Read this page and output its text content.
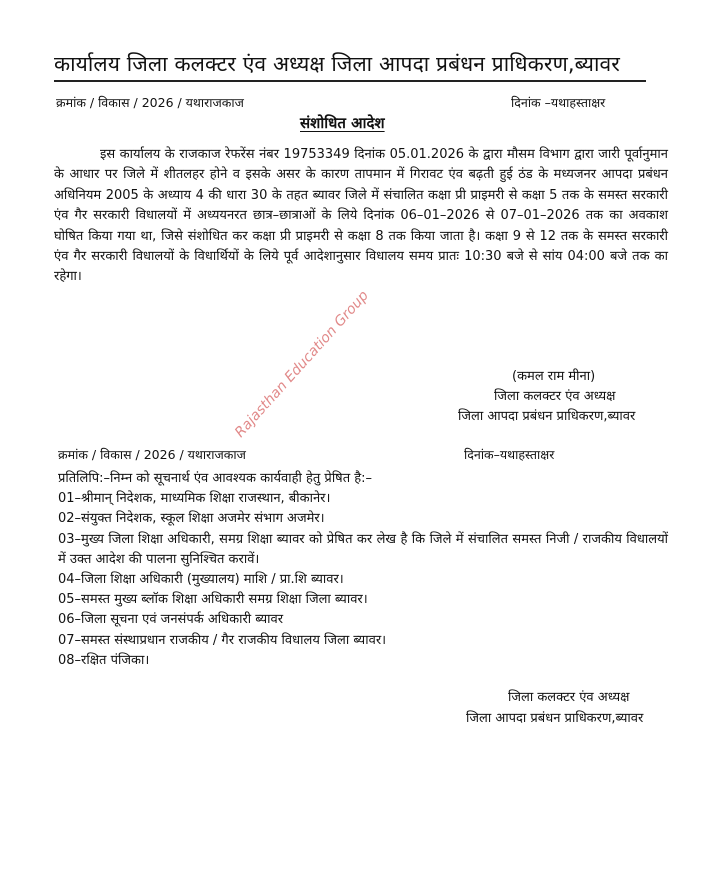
कार्यालय जिला कलक्टर एंव अध्यक्ष जिला आपदा प्रबंधन प्राधिकरण,ब्यावर
क्रमांक / विकास / 2026 / यथाराजकाज	दिनांक –यथाहस्ताक्षर
संशोधित आदेश
इस कार्यालय के राजकाज रेफरेंस नंबर 19753349 दिनांक 05.01.2026 के द्वारा मौसम विभाग द्वारा जारी पूर्वानुमान के आधार पर जिले में शीतलहर होने व इसके असर के कारण तापमान में गिरावट एंव बढ़ती हुई ठंड के मध्यजनर आपदा प्रबंधन अधिनियम 2005 के अध्याय 4 की धारा 30 के तहत ब्यावर जिले में संचालित कक्षा प्री प्राइमरी से कक्षा 5 तक के समस्त सरकारी एंव गैर सरकारी विधालयों में अध्ययनरत छात्र–छात्राओं के लिये दिनांक 06–01–2026 से 07–01–2026 तक का अवकाश घोषित किया गया था, जिसे संशोधित कर कक्षा प्री प्राइमरी से कक्षा 8 तक किया जाता है। कक्षा 9 से 12 तक के समस्त सरकारी एंव गैर सरकारी विधालयों के विधार्थियों के लिये पूर्व आदेशानुसार विधालय समय प्रातः 10:30 बजे से सांय 04:00 बजे तक का रहेगा।
(कमल राम मीना)
जिला कलक्टर एंव अध्यक्ष
जिला आपदा प्रबंधन प्राधिकरण,ब्यावर
क्रमांक / विकास / 2026 / यथाराजकाज	दिनांक–यथाहस्ताक्षर
प्रतिलिपि:–निम्न को सूचनार्थ एंव आवश्यक कार्यवाही हेतु प्रेषित है:–
01–श्रीमान् निदेशक, माध्यमिक शिक्षा राजस्थान, बीकानेर।
02–संयुक्त निदेशक, स्कूल शिक्षा अजमेर संभाग अजमेर।
03–मुख्य जिला शिक्षा अधिकारी, समग्र शिक्षा ब्यावर को प्रेषित कर लेख है कि जिले में संचालित समस्त निजी / राजकीय विधालयों में उक्त आदेश की पालना सुनिश्चित करावें।
04–जिला शिक्षा अधिकारी (मुख्यालय) माशि / प्रा.शि ब्यावर।
05–समस्त मुख्य ब्लॉक शिक्षा अधिकारी समग्र शिक्षा जिला ब्यावर।
06–जिला सूचना एवं जनसंपर्क अधिकारी ब्यावर
07–समस्त संस्थाप्रधान राजकीय / गैर राजकीय विधालय जिला ब्यावर।
08–रक्षित पंजिका।
जिला कलक्टर एंव अध्यक्ष
जिला आपदा प्रबंधन प्राधिकरण,ब्यावर
Rajasthan Education Group
